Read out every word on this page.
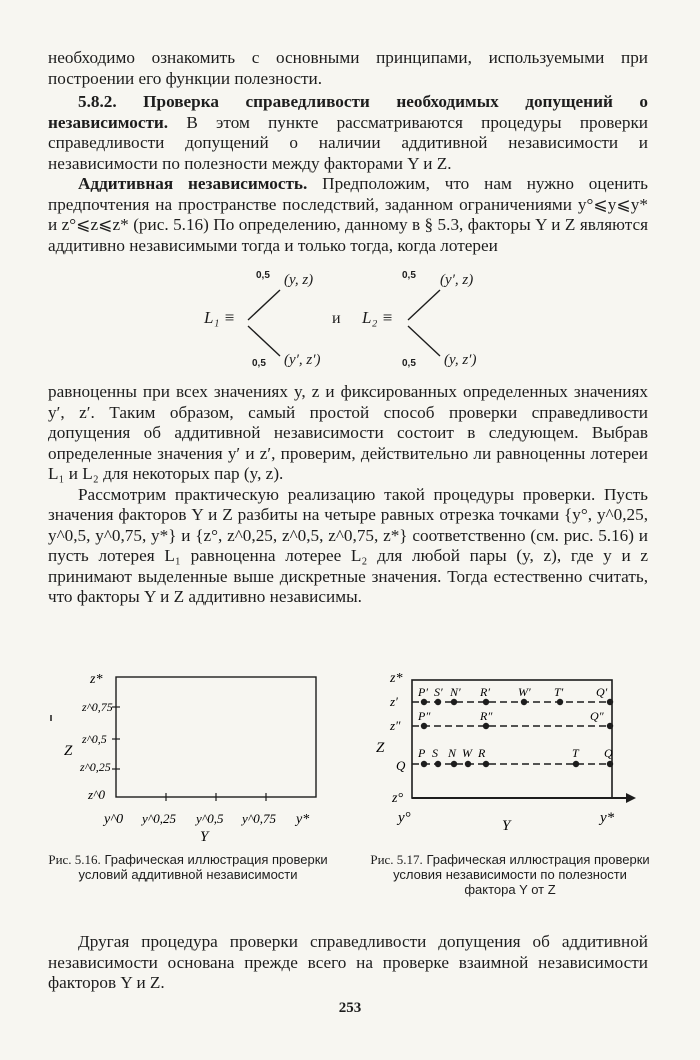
необходимо ознакомить с основными принципами, используемыми при построении его функции полезности.

5.8.2. Проверка справедливости необходимых допущений о независимости. В этом пункте рассматриваются процедуры проверки справедливости допущений о наличии аддитивной независимости и независимости по полезности между факторами Y и Z.

Аддитивная независимость. Предположим, что нам нужно оценить предпочтения на пространстве последствий, заданном ограничениями y°⩽y⩽y* и z°⩽z⩽z* (рис. 5.16) По определению, данному в § 5.3, факторы Y и Z являются аддитивно независимыми тогда и только тогда, когда лотереи

L₁ ≡
0,5 (y, z)
0,5 (y′, z′)
и L₂ ≡
0,5 (y′, z)
0,5 (y, z′)

равноценны при всех значениях y, z и фиксированных определенных значениях y′, z′. Таким образом, самый простой способ проверки справедливости допущения об аддитивной независимости состоит в следующем. Выбрав определенные значения y′ и z′, проверим, действительно ли равноценны лотереи L₁ и L₂ для некоторых пар (y, z).

Рассмотрим практическую реализацию такой процедуры проверки. Пусть значения факторов Y и Z разбиты на четыре равных отрезка точками {y°, y^0,25, y^0,5, y^0,75, y*} и {z°, z^0,25, z^0,5, z^0,75, z*} соответственно (см. рис. 5.16) и пусть лотерея L₁ равноценна лотерее L₂ для любой пары (y, z), где y и z принимают выделенные выше дискретные значения. Тогда естественно считать, что факторы Y и Z аддитивно независимы.

z*
z^0,75
z^0,5
Z
z^0,25
z^0
y^0 y^0,25 y^0,5 y^0,75 y*
Y
Рис. 5.16. Графическая иллюстрация проверки условий аддитивной независимости
z*
z′
z″
Z
Q
z°
y°	Y	y*
P′ S′ N′ R′ W′ T′	Q′
P″	R″	Q″
P S N W R	T Q
Рис. 5.17. Графическая иллюстрация проверки условия независимости по полезности фактора Y от Z

Другая процедура проверки справедливости допущения об аддитивной независимости основана прежде всего на проверке взаимной независимости факторов Y и Z.

253
